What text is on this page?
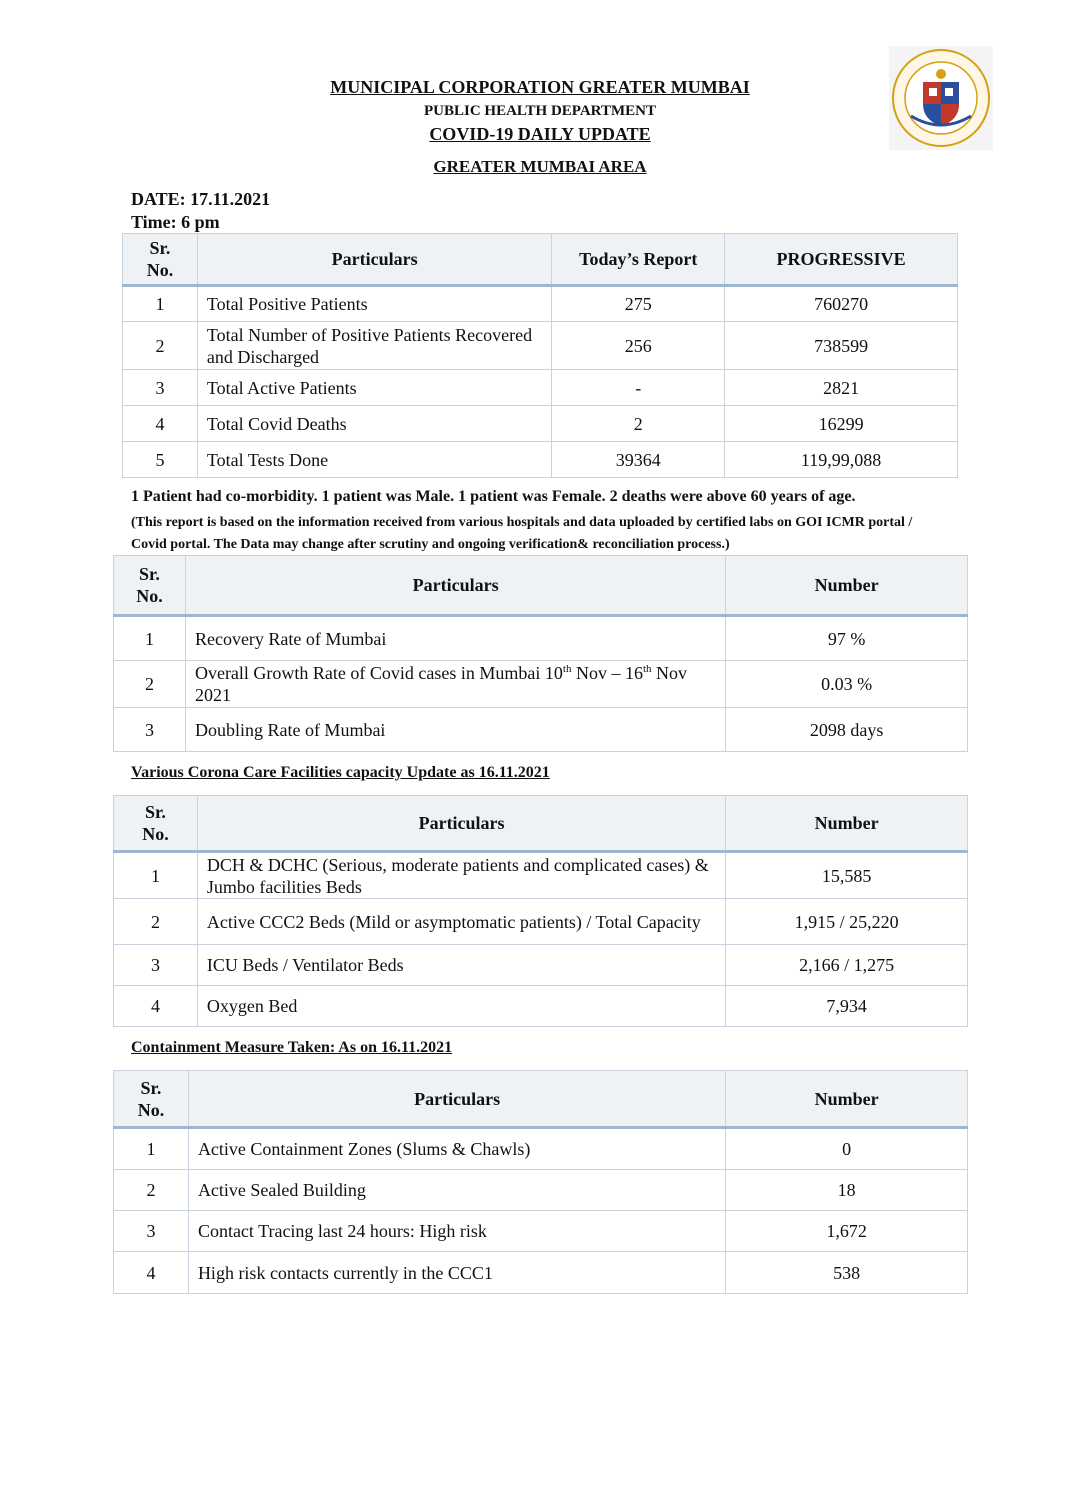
MUNICIPAL CORPORATION GREATER MUMBAI
PUBLIC HEALTH DEPARTMENT
COVID-19 DAILY UPDATE
GREATER MUMBAI AREA
DATE: 17.11.2021
Time: 6 pm
Sr.
No.	Particulars	Today’s Report	PROGRESSIVE
1	Total Positive Patients	275	760270
2	Total Number of Positive Patients Recovered and Discharged	256	738599
3	Total Active Patients	-	2821
4	Total Covid Deaths	2	16299
5	Total Tests Done	39364	119,99,088
1 Patient had co-morbidity. 1 patient was Male. 1 patient was Female. 2 deaths were above 60 years of age.
(This report is based on the information received from various hospitals and data uploaded by certified labs on GOI ICMR portal / Covid portal. The Data may change after scrutiny and ongoing verification& reconciliation process.)
Sr.
No.	Particulars	Number
1	Recovery Rate of Mumbai	97 %
2	Overall Growth Rate of Covid cases in Mumbai 10th Nov – 16th Nov 2021	0.03 %
3	Doubling Rate of Mumbai	2098 days
Various Corona Care Facilities capacity Update as 16.11.2021
Sr.
No.	Particulars	Number
1	DCH & DCHC (Serious, moderate patients and complicated cases) & Jumbo facilities Beds	15,585
2	Active CCC2 Beds (Mild or asymptomatic patients) / Total Capacity	1,915 / 25,220
3	ICU Beds / Ventilator Beds	2,166 / 1,275
4	Oxygen Bed	7,934
Containment Measure Taken: As on 16.11.2021
Sr.
No.	Particulars	Number
1	Active Containment Zones (Slums & Chawls)	0
2	Active Sealed Building	18
3	Contact Tracing last 24 hours: High risk	1,672
4	High risk contacts currently in the CCC1	538
